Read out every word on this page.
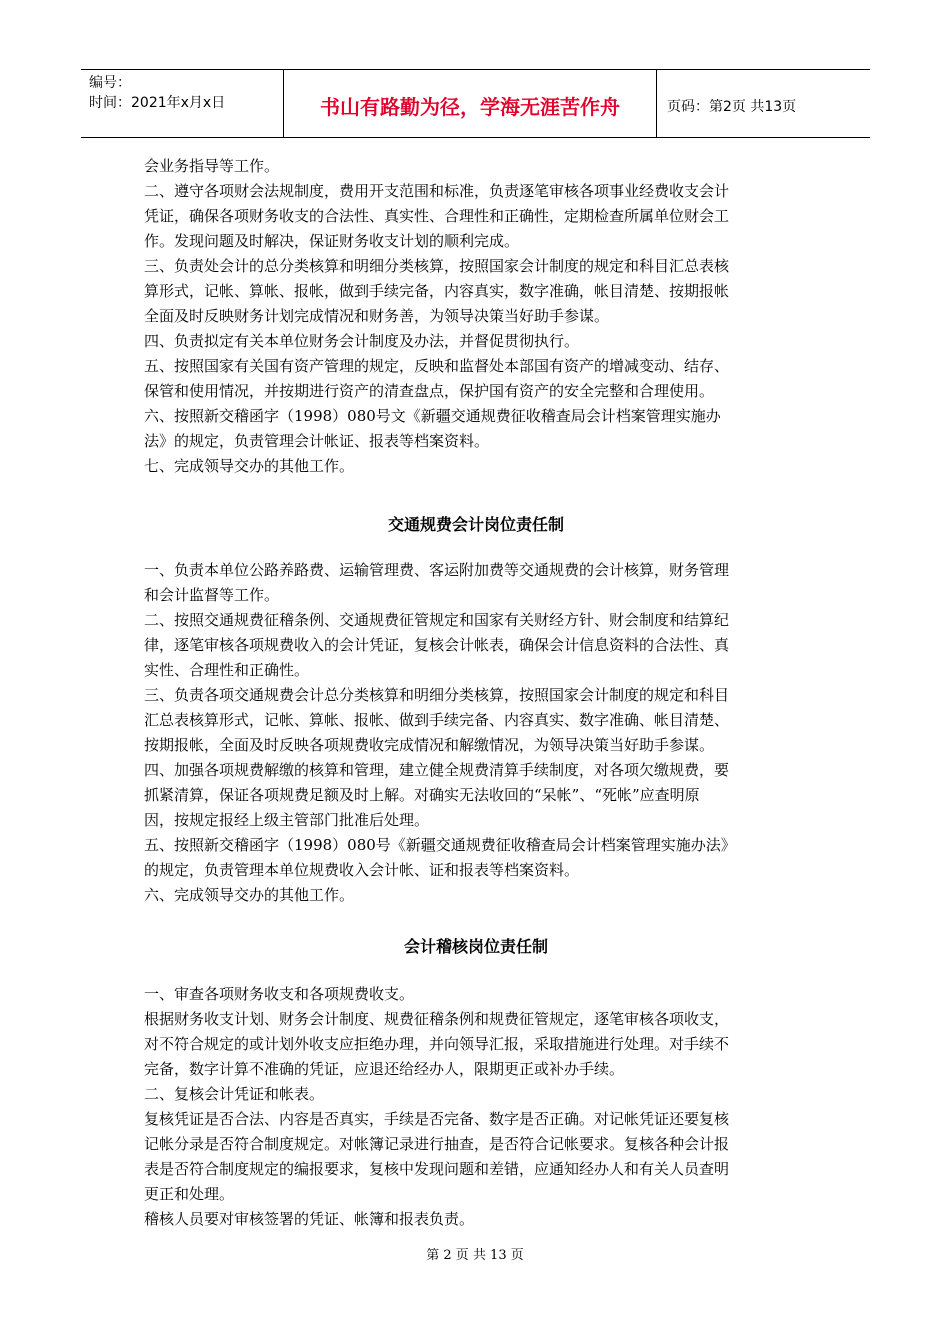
编号：
时间：2021年x月x日	书山有路勤为径，学海无涯苦作舟	页码：第2页 共13页

会业务指导等工作。

二、遵守各项财会法规制度，费用开支范围和标准，负责逐笔审核各项事业经费收支会计

凭证，确保各项财务收支的合法性、真实性、合理性和正确性，定期检查所属单位财会工

作。发现问题及时解决，保证财务收支计划的顺利完成。

三、负责处会计的总分类核算和明细分类核算，按照国家会计制度的规定和科目汇总表核

算形式，记帐、算帐、报帐，做到手续完备，内容真实，数字准确，帐目清楚、按期报帐

全面及时反映财务计划完成情况和财务善，为领导决策当好助手参谋。

四、负责拟定有关本单位财务会计制度及办法，并督促贯彻执行。

五、按照国家有关国有资产管理的规定，反映和监督处本部国有资产的增减变动、结存、

保管和使用情况，并按期进行资产的清查盘点，保护国有资产的安全完整和合理使用。

六、按照新交稽函字（1998）080号文《新疆交通规费征收稽查局会计档案管理实施办

法》的规定，负责管理会计帐证、报表等档案资料。

七、完成领导交办的其他工作。

交通规费会计岗位责任制

一、负责本单位公路养路费、运输管理费、客运附加费等交通规费的会计核算，财务管理

和会计监督等工作。

二、按照交通规费征稽条例、交通规费征管规定和国家有关财经方针、财会制度和结算纪

律，逐笔审核各项规费收入的会计凭证，复核会计帐表，确保会计信息资料的合法性、真

实性、合理性和正确性。

三、负责各项交通规费会计总分类核算和明细分类核算，按照国家会计制度的规定和科目

汇总表核算形式，记帐、算帐、报帐、做到手续完备、内容真实、数字准确、帐目清楚、

按期报帐，全面及时反映各项规费收完成情况和解缴情况，为领导决策当好助手参谋。

四、加强各项规费解缴的核算和管理，建立健全规费清算手续制度，对各项欠缴规费，要

抓紧清算，保证各项规费足额及时上解。对确实无法收回的“呆帐”、“死帐”应查明原

因，按规定报经上级主管部门批准后处理。

五、按照新交稽函字（1998）080号《新疆交通规费征收稽查局会计档案管理实施办法》

的规定，负责管理本单位规费收入会计帐、证和报表等档案资料。

六、完成领导交办的其他工作。

会计稽核岗位责任制

一、审查各项财务收支和各项规费收支。

根据财务收支计划、财务会计制度、规费征稽条例和规费征管规定，逐笔审核各项收支，

对不符合规定的或计划外收支应拒绝办理，并向领导汇报，采取措施进行处理。对手续不

完备，数字计算不准确的凭证，应退还给经办人，限期更正或补办手续。

二、复核会计凭证和帐表。

复核凭证是否合法、内容是否真实，手续是否完备、数字是否正确。对记帐凭证还要复核

记帐分录是否符合制度规定。对帐簿记录进行抽查，是否符合记帐要求。复核各种会计报

表是否符合制度规定的编报要求，复核中发现问题和差错，应通知经办人和有关人员查明

更正和处理。

稽核人员要对审核签署的凭证、帐簿和报表负责。

第 2 页 共 13 页
